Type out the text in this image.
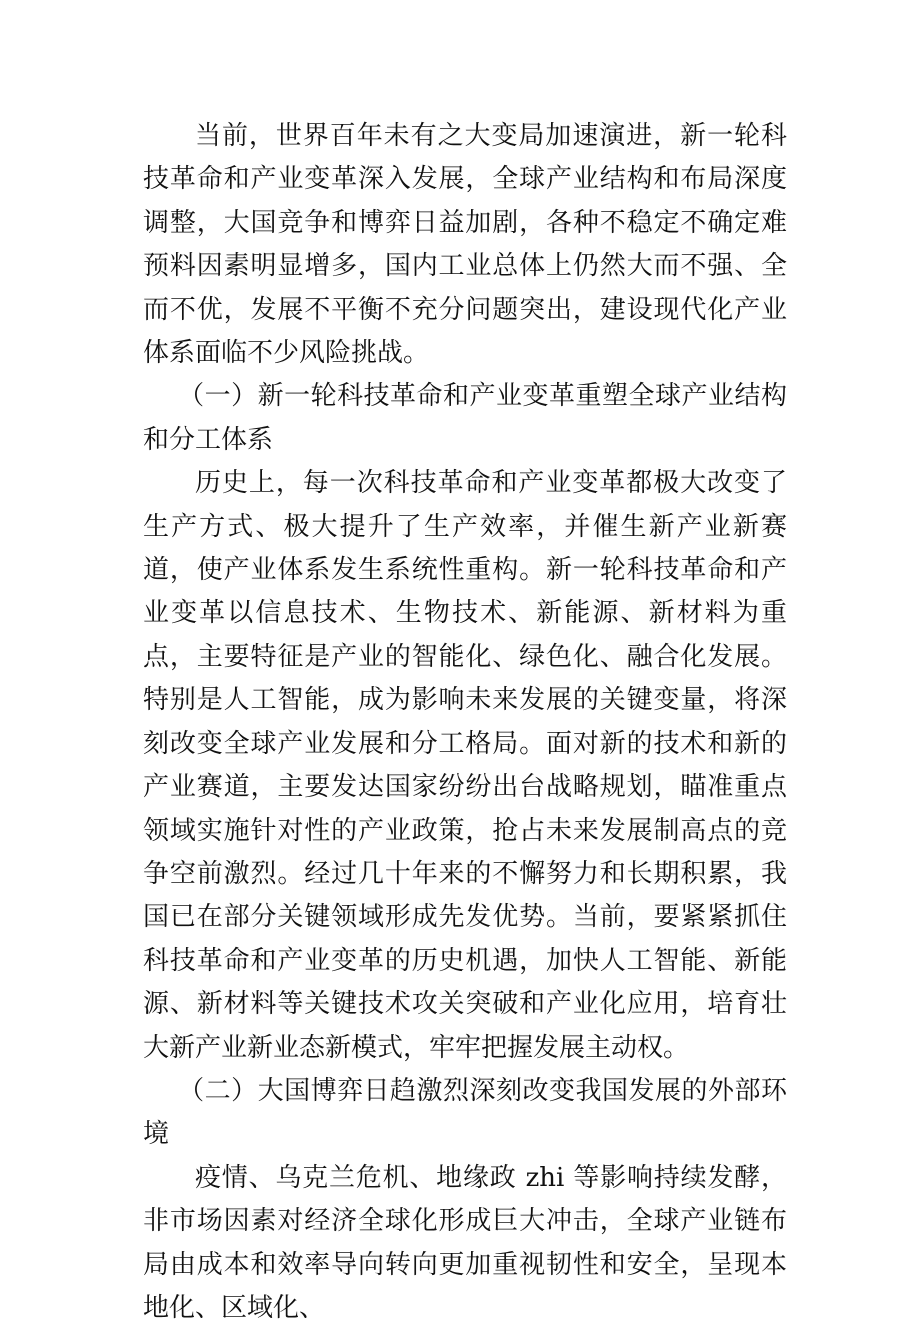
当前，世界百年未有之大变局加速演进，新一轮科技革命和产业变革深入发展，全球产业结构和布局深度调整，大国竞争和博弈日益加剧，各种不稳定不确定难预料因素明显增多，国内工业总体上仍然大而不强、全而不优，发展不平衡不充分问题突出，建设现代化产业体系面临不少风险挑战。

（一）新一轮科技革命和产业变革重塑全球产业结构和分工体系

历史上，每一次科技革命和产业变革都极大改变了生产方式、极大提升了生产效率，并催生新产业新赛道，使产业体系发生系统性重构。新一轮科技革命和产业变革以信息技术、生物技术、新能源、新材料为重点，主要特征是产业的智能化、绿色化、融合化发展。特别是人工智能，成为影响未来发展的关键变量，将深刻改变全球产业发展和分工格局。面对新的技术和新的产业赛道，主要发达国家纷纷出台战略规划，瞄准重点领域实施针对性的产业政策，抢占未来发展制高点的竞争空前激烈。经过几十年来的不懈努力和长期积累，我国已在部分关键领域形成先发优势。当前，要紧紧抓住科技革命和产业变革的历史机遇，加快人工智能、新能源、新材料等关键技术攻关突破和产业化应用，培育壮大新产业新业态新模式，牢牢把握发展主动权。

（二）大国博弈日趋激烈深刻改变我国发展的外部环境

疫情、乌克兰危机、地缘政 zhi 等影响持续发酵，非市场因素对经济全球化形成巨大冲击，全球产业链布局由成本和效率导向转向更加重视韧性和安全，呈现本地化、区域化、
